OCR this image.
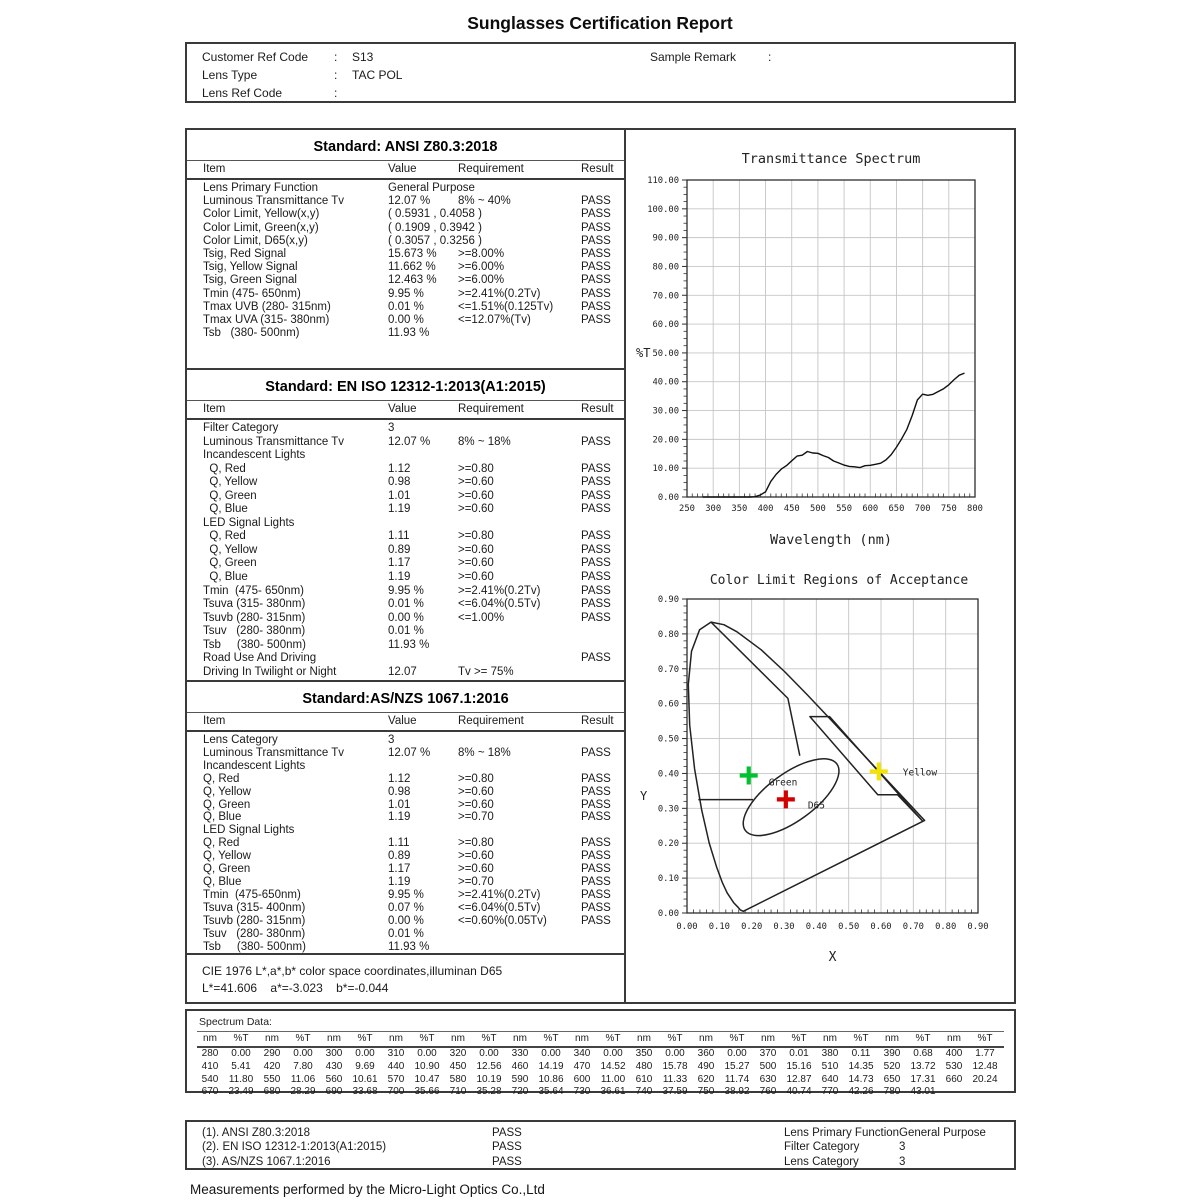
Sunglasses Certification Report
Customer Ref Code : S13	Sample Remark	:
Lens Type	: TAC POL
Lens Ref Code	:
Standard: ANSI Z80.3:2018
Item	Value	Requirement	Result
Lens Primary Function	General Purpose
Luminous Transmittance Tv	12.07 %	8% ~ 40%	PASS
Color Limit, Yellow(x,y)	( 0.5931 , 0.4058 )	PASS
Color Limit, Green(x,y)	( 0.1909 , 0.3942 )	PASS
Color Limit, D65(x,y)	( 0.3057 , 0.3256 )	PASS
Tsig, Red Signal	15.673 %	>=8.00%	PASS
Tsig, Yellow Signal	11.662 %	>=6.00%	PASS
Tsig, Green Signal	12.463 %	>=6.00%	PASS
Tmin (475- 650nm)	9.95 %	>=2.41%(0.2Tv)	PASS
Tmax UVB (280- 315nm)	0.01 %	<=1.51%(0.125Tv)	PASS
Tmax UVA (315- 380nm)	0.00 %	<=12.07%(Tv)	PASS
Tsb   (380- 500nm)	11.93 %
Standard: EN ISO 12312-1:2013(A1:2015)
Item	Value	Requirement	Result
Filter Category	3
Luminous Transmittance Tv	12.07 %	8% ~ 18%	PASS
Incandescent Lights
Q, Red	1.12	>=0.80	PASS
Q, Yellow	0.98	>=0.60	PASS
Q, Green	1.01	>=0.60	PASS
Q, Blue	1.19	>=0.60	PASS
LED Signal Lights
Q, Red	1.11	>=0.80	PASS
Q, Yellow	0.89	>=0.60	PASS
Q, Green	1.17	>=0.60	PASS
Q, Blue	1.19	>=0.60	PASS
Tmin  (475- 650nm)	9.95 %	>=2.41%(0.2Tv)	PASS
Tsuva (315- 380nm)	0.01 %	<=6.04%(0.5Tv)	PASS
Tsuvb (280- 315nm)	0.00 %	<=1.00%	PASS
Tsuv   (280- 380nm)	0.01 %
Tsb     (380- 500nm)	11.93 %
Road Use And Driving	PASS
Driving In Twilight or Night	12.07	Tv >= 75%
Standard:AS/NZS 1067.1:2016
Item	Value	Requirement	Result
Lens Category	3
Luminous Transmittance Tv	12.07 %	8% ~ 18%	PASS
Incandescent Lights
Q, Red	1.12	>=0.80	PASS
Q, Yellow	0.98	>=0.60	PASS
Q, Green	1.01	>=0.60	PASS
Q, Blue	1.19	>=0.70	PASS
LED Signal Lights
Q, Red	1.11	>=0.80	PASS
Q, Yellow	0.89	>=0.60	PASS
Q, Green	1.17	>=0.60	PASS
Q, Blue	1.19	>=0.70	PASS
Tmin  (475-650nm)	9.95 %	>=2.41%(0.2Tv)	PASS
Tsuva (315- 400nm)	0.07 %	<=6.04%(0.5Tv)	PASS
Tsuvb (280- 315nm)	0.00 %	<=0.60%(0.05Tv)	PASS
Tsuv   (280- 380nm)	0.01 %
Tsb     (380- 500nm)	11.93 %
CIE 1976 L*,a*,b* color space coordinates,illuminan D65
L*=41.606    a*=-3.023    b*=-0.044
Transmittance Spectrum
0.00
10.00
20.00
30.00
40.00
50.00
60.00
70.00
80.00
90.00
100.00
110.00
250 300 350 400 450 500 550 600 650 700 750 800
%T
Wavelength (nm)
Color Limit Regions of Acceptance
0.00
0.00
0.10
0.10
0.20
0.20
0.30
0.30
0.40
0.40
0.50
0.50
0.60
0.60
0.70
0.70
0.80
0.80
0.90
0.90
Green
D65
Yellow
Y
X
Spectrum Data:
nm	%T	nm	%T	nm	%T	nm	%T	nm	%T	nm	%T	nm	%T	nm	%T	nm	%T	nm	%T	nm	%T	nm	%T	nm	%T
280	0.00	290	0.00	300	0.00	310	0.00	320	0.00	330	0.00	340	0.00	350	0.00	360	0.00	370	0.01	380	0.11	390	0.68	400	1.77
410	5.41	420	7.80	430	9.69	440	10.90	450	12.56	460	14.19	470	14.52	480	15.78	490	15.27	500	15.16	510	14.35	520	13.72	530	12.48
540	11.80	550	11.06	560	10.61	570	10.47	580	10.19	590	10.86	600	11.00	610	11.33	620	11.74	630	12.87	640	14.73	650	17.31	660	20.24
670	23.49	680	28.29	690	33.68	700	35.66	710	35.28	720	35.64	730	36.61	740	37.59	750	38.92	760	40.74	770	42.26	780	43.01
(1). ANSI Z80.3:2018	PASS	Lens Primary Function General Purpose
(2). EN ISO 12312-1:2013(A1:2015)	PASS	Filter Category	3
(3). AS/NZS 1067.1:2016	PASS	Lens Category	3
Measurements performed by the Micro-Light Optics Co.,Ltd
